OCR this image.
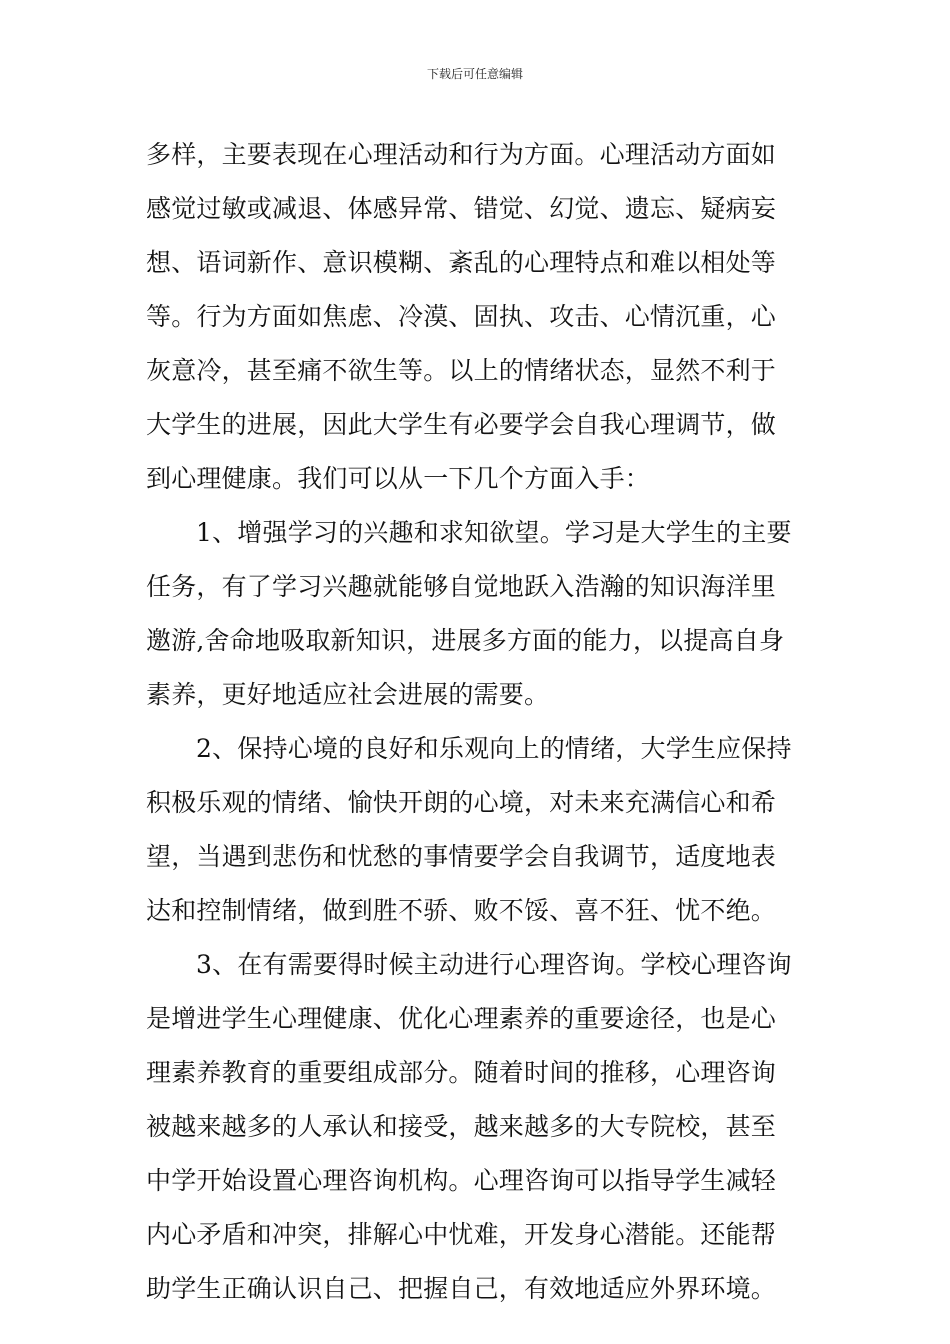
下载后可任意编辑
多样，主要表现在心理活动和行为方面。心理活动方面如
感觉过敏或减退、体感异常、错觉、幻觉、遗忘、疑病妄
想、语词新作、意识模糊、紊乱的心理特点和难以相处等
等。行为方面如焦虑、冷漠、固执、攻击、心情沉重，心
灰意冷，甚至痛不欲生等。以上的情绪状态，显然不利于
大学生的进展，因此大学生有必要学会自我心理调节，做
到心理健康。我们可以从一下几个方面入手：
1、增强学习的兴趣和求知欲望。学习是大学生的主要
任务，有了学习兴趣就能够自觉地跃入浩瀚的知识海洋里
邀游,舍命地吸取新知识，进展多方面的能力，以提高自身
素养，更好地适应社会进展的需要。
2、保持心境的良好和乐观向上的情绪，大学生应保持
积极乐观的情绪、愉快开朗的心境，对未来充满信心和希
望，当遇到悲伤和忧愁的事情要学会自我调节，适度地表
达和控制情绪，做到胜不骄、败不馁、喜不狂、忧不绝。
3、在有需要得时候主动进行心理咨询。学校心理咨询
是增进学生心理健康、优化心理素养的重要途径，也是心
理素养教育的重要组成部分。随着时间的推移，心理咨询
被越来越多的人承认和接受，越来越多的大专院校，甚至
中学开始设置心理咨询机构。心理咨询可以指导学生减轻
内心矛盾和冲突，排解心中忧难，开发身心潜能。还能帮
助学生正确认识自己、把握自己，有效地适应外界环境。
